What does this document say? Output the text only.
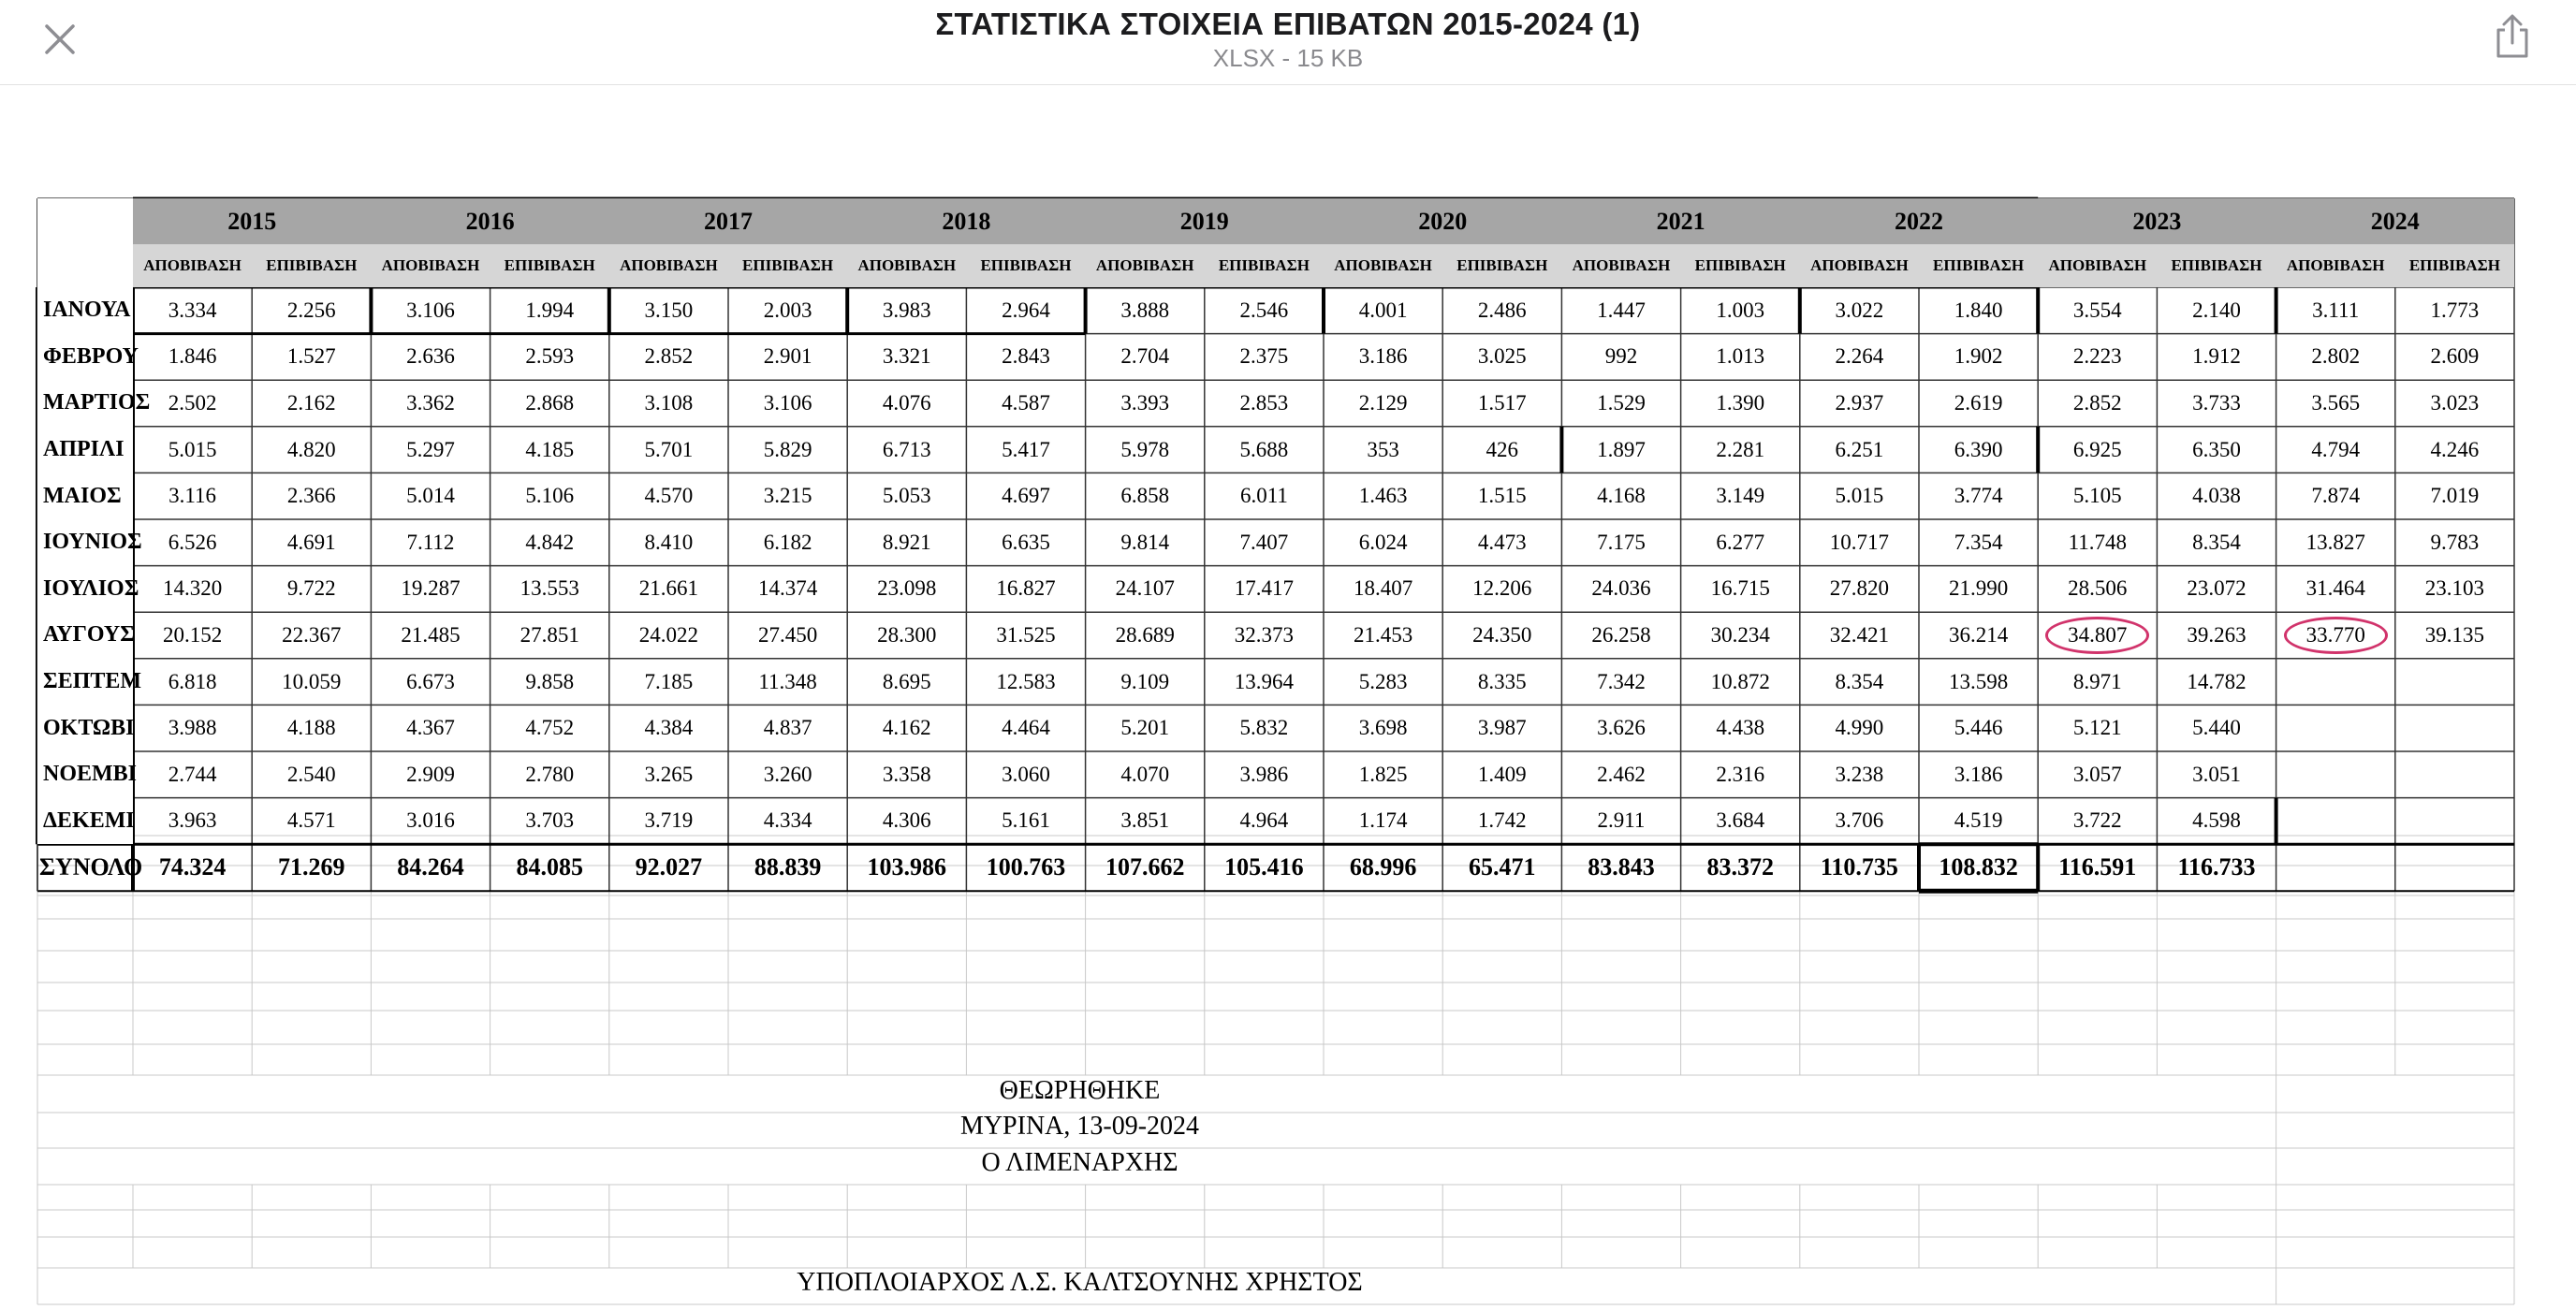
ΣΤΑΤΙΣΤΙΚΑ ΣΤΟΙΧΕΙΑ ΕΠΙΒΑΤΩΝ 2015-2024 (1)
XLSX - 15 KB
2015	2016	2017	2018	2019	2020	2021	2022	2023	2024
ΑΠΟΒΙΒΑΣΗ	ΕΠΙΒΙΒΑΣΗ	ΑΠΟΒΙΒΑΣΗ	ΕΠΙΒΙΒΑΣΗ	ΑΠΟΒΙΒΑΣΗ	ΕΠΙΒΙΒΑΣΗ	ΑΠΟΒΙΒΑΣΗ	ΕΠΙΒΙΒΑΣΗ	ΑΠΟΒΙΒΑΣΗ	ΕΠΙΒΙΒΑΣΗ	ΑΠΟΒΙΒΑΣΗ	ΕΠΙΒΙΒΑΣΗ	ΑΠΟΒΙΒΑΣΗ	ΕΠΙΒΙΒΑΣΗ	ΑΠΟΒΙΒΑΣΗ	ΕΠΙΒΙΒΑΣΗ	ΑΠΟΒΙΒΑΣΗ	ΕΠΙΒΙΒΑΣΗ	ΑΠΟΒΙΒΑΣΗ	ΕΠΙΒΙΒΑΣΗ
ΙΑΝΟΥΑ	3.334	2.256	3.106	1.994	3.150	2.003	3.983	2.964	3.888	2.546	4.001	2.486	1.447	1.003	3.022	1.840	3.554	2.140	3.111	1.773
ΦΕΒΡΟΥ	1.846	1.527	2.636	2.593	2.852	2.901	3.321	2.843	2.704	2.375	3.186	3.025	992	1.013	2.264	1.902	2.223	1.912	2.802	2.609
ΜΑΡΤΙΟΣ 2.502	2.162	3.362	2.868	3.108	3.106	4.076	4.587	3.393	2.853	2.129	1.517	1.529	1.390	2.937	2.619	2.852	3.733	3.565	3.023
ΑΠΡΙΛΙ	5.015	4.820	5.297	4.185	5.701	5.829	6.713	5.417	5.978	5.688	353	426	1.897	2.281	6.251	6.390	6.925	6.350	4.794	4.246
ΜΑΙΟΣ	3.116	2.366	5.014	5.106	4.570	3.215	5.053	4.697	6.858	6.011	1.463	1.515	4.168	3.149	5.015	3.774	5.105	4.038	7.874	7.019
ΙΟΥΝΙΟΣ	6.526	4.691	7.112	4.842	8.410	6.182	8.921	6.635	9.814	7.407	6.024	4.473	7.175	6.277	10.717	7.354	11.748	8.354	13.827	9.783
ΙΟΥΛΙΟΣ	14.320	9.722	19.287	13.553	21.661	14.374	23.098	16.827	24.107	17.417	18.407	12.206	24.036	16.715	27.820	21.990	28.506	23.072	31.464	23.103
ΑΥΓΟΥΣ	20.152	22.367	21.485	27.851	24.022	27.450	28.300	31.525	28.689	32.373	21.453	24.350	26.258	30.234	32.421	36.214	34.807	39.263	33.770	39.135
ΣΕΠΤΕΜ	6.818	10.059	6.673	9.858	7.185	11.348	8.695	12.583	9.109	13.964	5.283	8.335	7.342	10.872	8.354	13.598	8.971	14.782
ΟΚΤΩΒΙ	3.988	4.188	4.367	4.752	4.384	4.837	4.162	4.464	5.201	5.832	3.698	3.987	3.626	4.438	4.990	5.446	5.121	5.440
ΝΟΕΜΒΙ	2.744	2.540	2.909	2.780	3.265	3.260	3.358	3.060	4.070	3.986	1.825	1.409	2.462	2.316	3.238	3.186	3.057	3.051
ΔΕΚΕΜΙ	3.963	4.571	3.016	3.703	3.719	4.334	4.306	5.161	3.851	4.964	1.174	1.742	2.911	3.684	3.706	4.519	3.722	4.598
ΣΥΝΟΛΟ 74.324	71.269	84.264	84.085	92.027	88.839	103.986	100.763	107.662	105.416	68.996	65.471	83.843	83.372	110.735	108.832	116.591	116.733
ΘΕΩΡΗΘΗΚΕ
ΜΥΡΙΝΑ, 13-09-2024
Ο ΛΙΜΕΝΑΡΧΗΣ
ΥΠΟΠΛΟΙΑΡΧΟΣ Λ.Σ. ΚΑΛΤΣΟΥΝΗΣ ΧΡΗΣΤΟΣ
